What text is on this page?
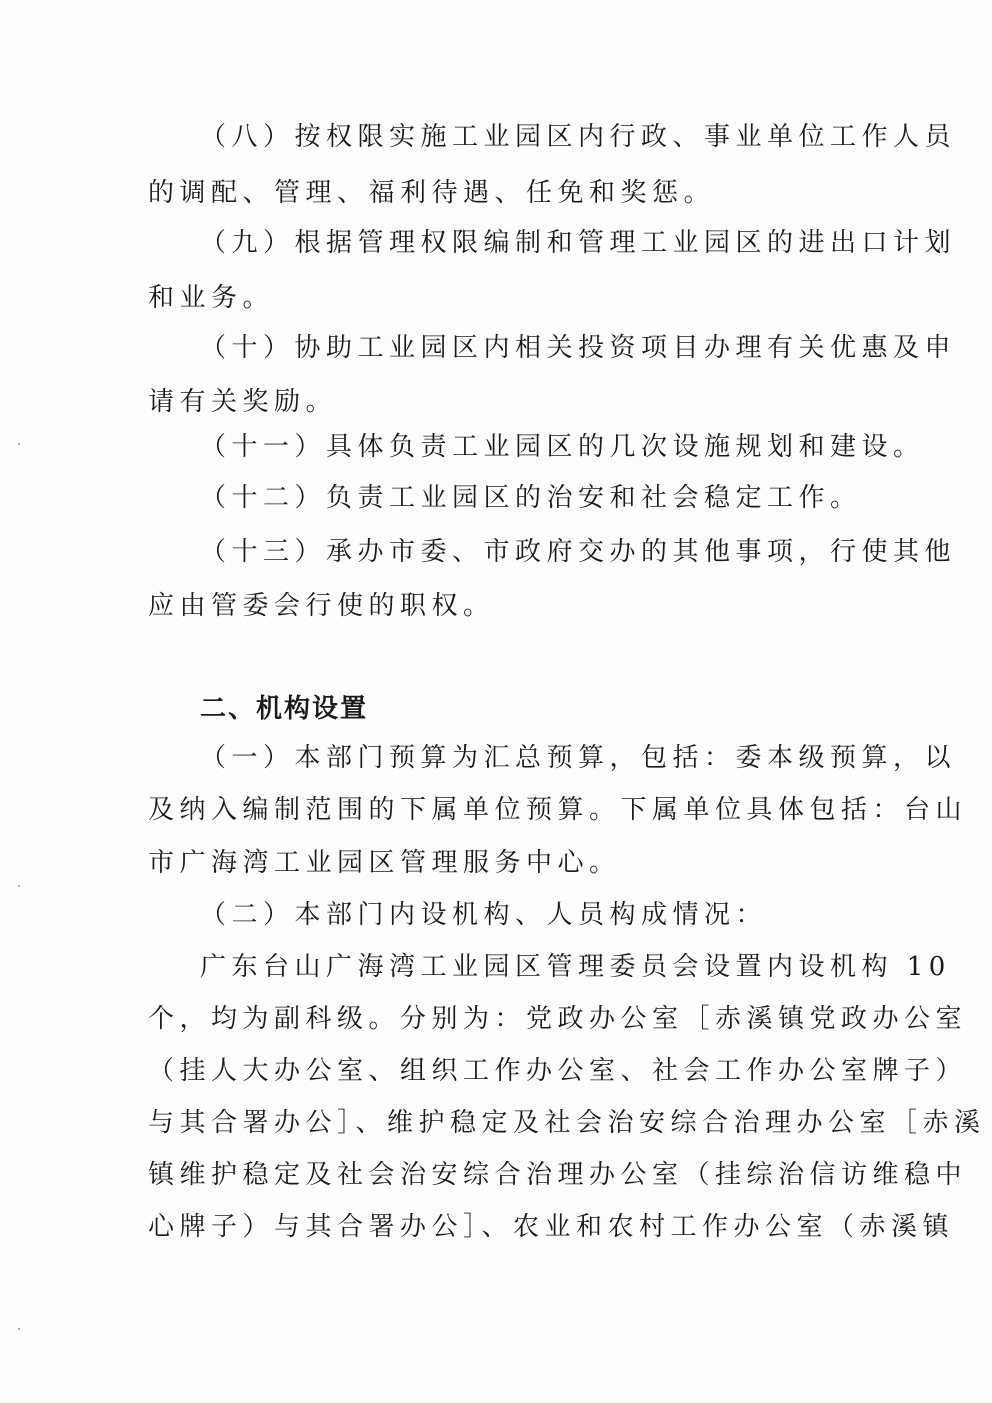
（八）按权限实施工业园区内行政、事业单位工作人员
的调配、管理、福利待遇、任免和奖惩。
（九）根据管理权限编制和管理工业园区的进出口计划
和业务。
（十）协助工业园区内相关投资项目办理有关优惠及申
请有关奖励。
（十一）具体负责工业园区的几次设施规划和建设。
（十二）负责工业园区的治安和社会稳定工作。
（十三）承办市委、市政府交办的其他事项，行使其他
应由管委会行使的职权。
二、机构设置
（一）本部门预算为汇总预算，包括：委本级预算，以
及纳入编制范围的下属单位预算。下属单位具体包括：台山
市广海湾工业园区管理服务中心。
（二）本部门内设机构、人员构成情况：
广东台山广海湾工业园区管理委员会设置内设机构 10
个，均为副科级。分别为：党政办公室［赤溪镇党政办公室
（挂人大办公室、组织工作办公室、社会工作办公室牌子）
与其合署办公］、维护稳定及社会治安综合治理办公室［赤溪
镇维护稳定及社会治安综合治理办公室（挂综治信访维稳中
心牌子）与其合署办公］、农业和农村工作办公室（赤溪镇
